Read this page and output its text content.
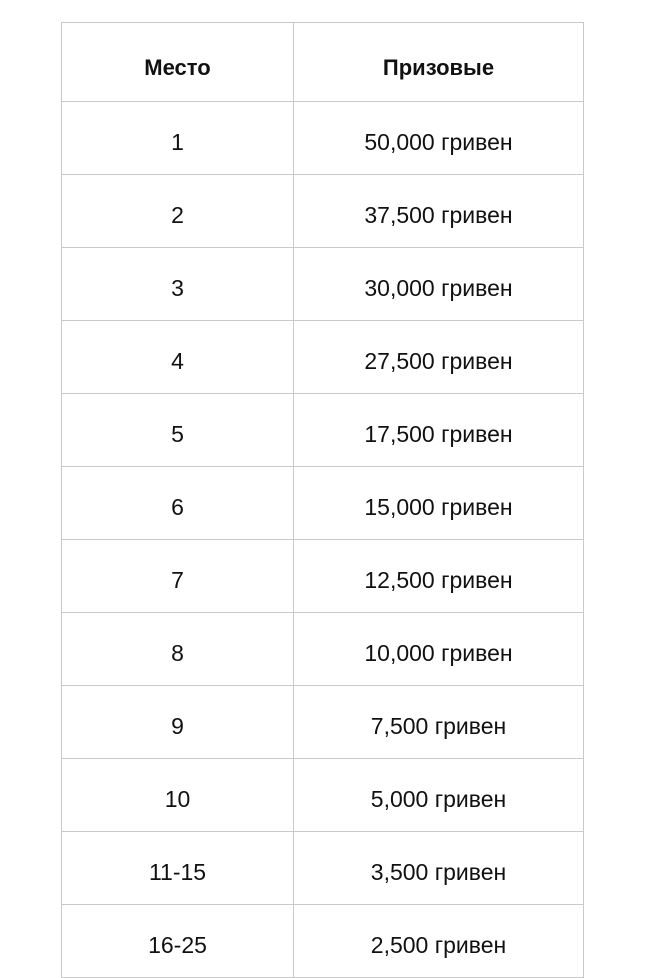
Место	Призовые
1	50,000 гривен
2	37,500 гривен
3	30,000 гривен
4	27,500 гривен
5	17,500 гривен
6	15,000 гривен
7	12,500 гривен
8	10,000 гривен
9	7,500 гривен
10	5,000 гривен
11-15	3,500 гривен
16-25	2,500 гривен
